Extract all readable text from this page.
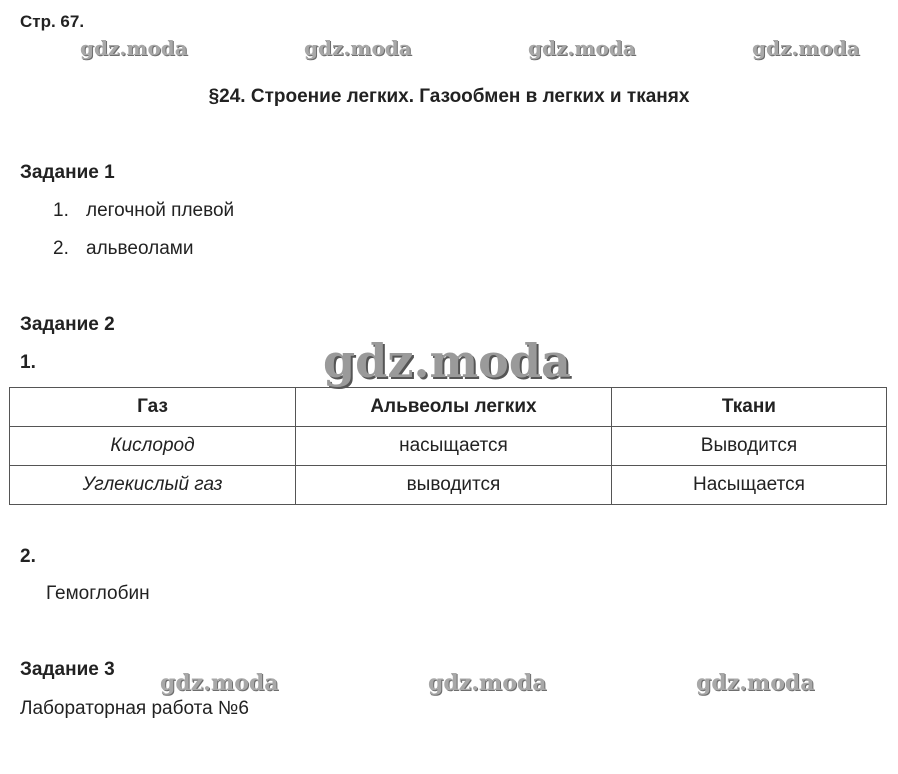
Стр. 67.
gdz.moda	gdz.moda	gdz.moda	gdz.moda
§24. Строение легких. Газообмен в легких и тканях
Задание 1
1. легочной плевой
2. альвеолами
Задание 2
1.	gdz.moda
Газ	Альвеолы легких	Ткани
Кислород	насыщается	Выводится
Углекислый газ	выводится	Насыщается
2.
Гемоглобин
Задание 3
gdz.moda	gdz.moda	gdz.moda
Лабораторная работа №6
